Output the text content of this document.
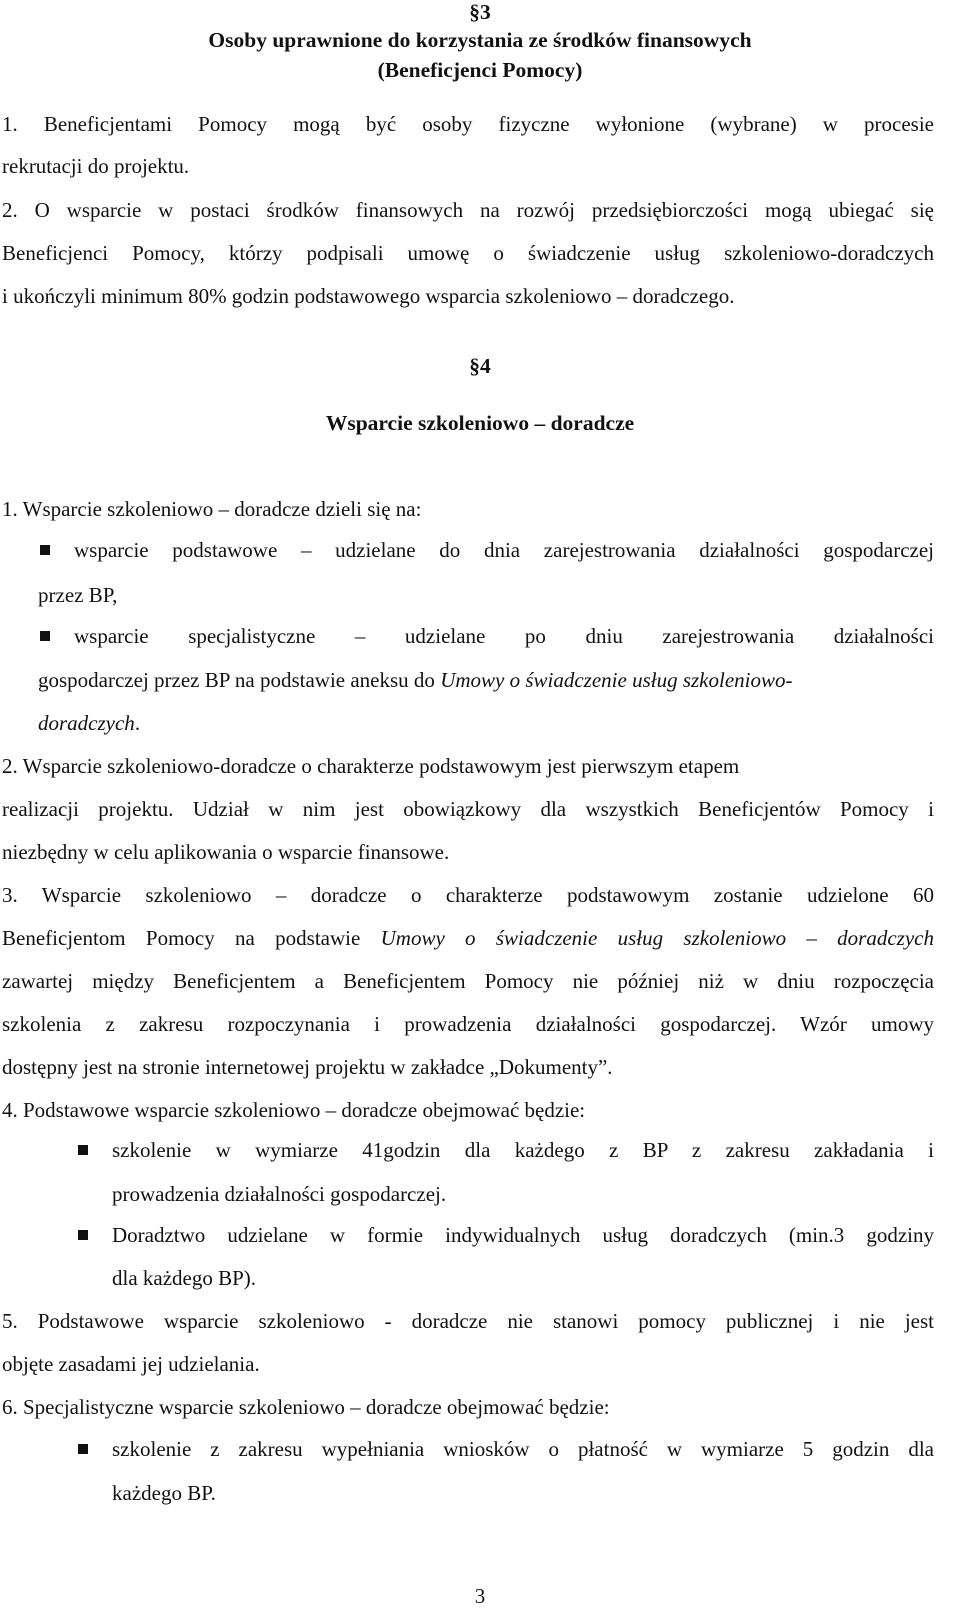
§3
Osoby uprawnione do korzystania ze środków finansowych
(Beneficjenci Pomocy)
1. Beneficjentami Pomocy mogą być osoby fizyczne wyłonione (wybrane) w procesie
rekrutacji do projektu.
2. O wsparcie w postaci środków finansowych na rozwój przedsiębiorczości mogą ubiegać się
Beneficjenci Pomocy, którzy podpisali umowę o świadczenie usług szkoleniowo-doradczych
i ukończyli minimum 80% godzin podstawowego wsparcia szkoleniowo – doradczego.
§4
Wsparcie szkoleniowo – doradcze
1. Wsparcie szkoleniowo – doradcze dzieli się na:
wsparcie podstawowe – udzielane do dnia zarejestrowania działalności gospodarczej
przez BP,
wsparcie specjalistyczne – udzielane po dniu zarejestrowania działalności
gospodarczej przez BP na podstawie aneksu do Umowy o świadczenie usług szkoleniowo-
doradczych.
2. Wsparcie szkoleniowo-doradcze o charakterze podstawowym jest pierwszym etapem
realizacji projektu. Udział w nim jest obowiązkowy dla wszystkich Beneficjentów Pomocy i
niezbędny w celu aplikowania o wsparcie finansowe.
3. Wsparcie szkoleniowo – doradcze o charakterze podstawowym zostanie udzielone 60
Beneficjentom Pomocy na podstawie Umowy o świadczenie usług szkoleniowo – doradczych
zawartej między Beneficjentem a Beneficjentem Pomocy nie później niż w dniu rozpoczęcia
szkolenia z zakresu rozpoczynania i prowadzenia działalności gospodarczej. Wzór umowy
dostępny jest na stronie internetowej projektu w zakładce „Dokumenty”.
4. Podstawowe wsparcie szkoleniowo – doradcze obejmować będzie:
szkolenie w wymiarze 41godzin dla każdego z BP z zakresu zakładania i
prowadzenia działalności gospodarczej.
Doradztwo udzielane w formie indywidualnych usług doradczych (min.3 godziny
dla każdego BP).
5. Podstawowe wsparcie szkoleniowo - doradcze nie stanowi pomocy publicznej i nie jest
objęte zasadami jej udzielania.
6. Specjalistyczne wsparcie szkoleniowo – doradcze obejmować będzie:
szkolenie z zakresu wypełniania wniosków o płatność w wymiarze 5 godzin dla
każdego BP.
3
